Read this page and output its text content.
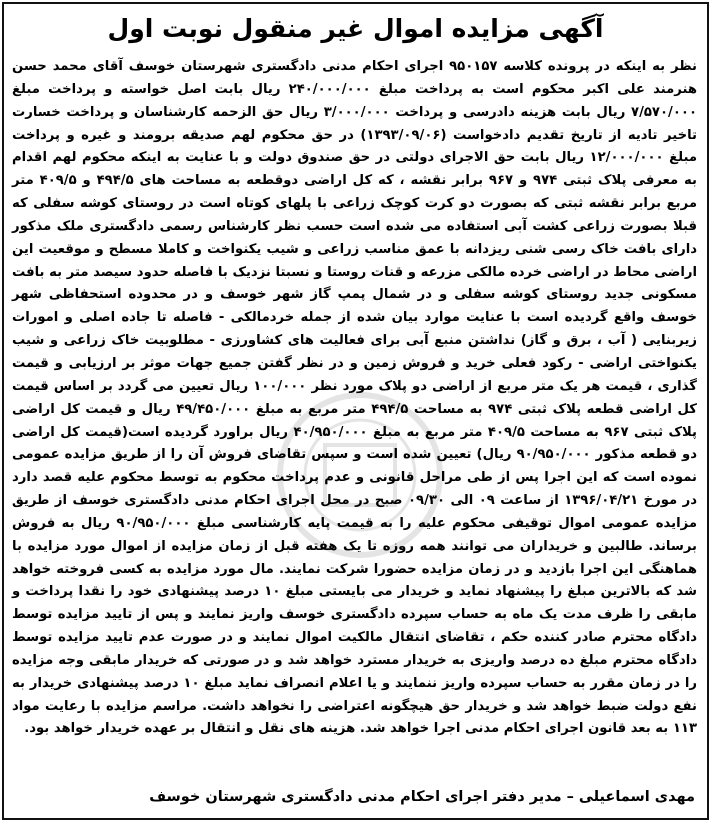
آگهی مزایده اموال غیر منقول نوبت اول
نظر به اینکه در پرونده کلاسه ۹۵۰۱۵۷ اجرای احکام مدنی دادگستری شهرستان خوسف آقای محمد حسن هنرمند علی اکبر محکوم است به پرداخت مبلغ ۲۴۰/۰۰۰/۰۰۰ ریال بابت اصل خواسته و پرداخت مبلغ ۷/۵۷۰/۰۰۰ ریال بابت هزینه دادرسی و پرداخت ۳/۰۰۰/۰۰۰ ریال حق الزحمه کارشناسان و پرداخت خسارت تاخیر تادیه از تاریخ تقدیم دادخواست (۱۳۹۳/۰۹/۰۶) در حق محکوم لهم صدیقه برومند و غیره و پرداخت مبلغ ۱۲/۰۰۰/۰۰۰ ریال بابت حق الاجرای دولتی در حق صندوق دولت و با عنایت به اینکه محکوم لهم اقدام به معرفی پلاک ثبتی ۹۷۴ و ۹۶۷ برابر نقشه ، که کل اراضی دوقطعه به مساحت های ۴۹۴/۵ و ۴۰۹/۵ متر مربع برابر نقشه ثبتی که بصورت دو کرت کوچک زراعی با پلهای کوتاه است در روستای کوشه سفلی که قبلا بصورت زراعی کشت آبی استفاده می شده است حسب نظر کارشناس رسمی دادگستری ملک مذکور دارای بافت خاک رسی شنی ریزدانه با عمق مناسب زراعی و شیب یکنواخت و کاملا مسطح و موقعیت این اراضی محاط در اراضی خرده مالکی مزرعه و قنات روستا و نسبتا نزدیک با فاصله حدود سیصد متر به بافت مسکونی جدید روستای کوشه سفلی و در شمال پمپ گاز شهر خوسف و در محدوده استحفاظی شهر خوسف واقع گردیده است با عنایت موارد بیان شده از جمله خردمالکی - فاصله تا جاده اصلی و امورات زیربنایی ( آب ، برق و گاز) نداشتن منبع آبی برای فعالیت های کشاورزی - مطلوبیت خاک زراعی و شیب یکنواختی اراضی - رکود فعلی خرید و فروش زمین و در نظر گفتن جمیع جهات موثر بر ارزیابی و قیمت گذاری ، قیمت هر یک متر مربع از اراضی دو پلاک مورد نظر ۱۰۰/۰۰۰ ریال تعیین می گردد بر اساس قیمت کل اراضی قطعه پلاک ثبتی ۹۷۴ به مساحت ۴۹۴/۵ متر مربع به مبلغ ۴۹/۴۵۰/۰۰۰ ریال و قیمت کل اراضی پلاک ثبتی ۹۶۷ به مساحت ۴۰۹/۵ متر مربع به مبلغ ۴۰/۹۵۰/۰۰۰ ریال براورد گردیده است(قیمت کل اراضی دو قطعه مذکور ۹۰/۹۵۰/۰۰۰ ریال) تعیین شده است و سپس تقاضای فروش آن را از طریق مزایده عمومی نموده است که این اجرا پس از طی مراحل قانونی و عدم پرداخت محکوم به توسط محکوم علیه قصد دارد در مورخ ۱۳۹۶/۰۴/۲۱ از ساعت ۰۹ الی ۰۹/۳۰ صبح در محل اجرای احکام مدنی دادگستری خوسف از طریق مزایده عمومی اموال توقیفی محکوم علیه را به قیمت پایه کارشناسی مبلغ ۹۰/۹۵۰/۰۰۰ ریال به فروش برساند. طالبین و خریداران می توانند همه روزه تا یک هفته قبل از زمان مزایده از اموال مورد مزایده با هماهنگی این اجرا بازدید و در زمان مزایده حضورا شرکت نمایند. مال مورد مزایده به کسی فروخته خواهد شد که بالاترین مبلغ را پیشنهاد نماید و خریدار می بایستی مبلغ ۱۰ درصد پیشنهادی خود را نقدا پرداخت و مابقی را ظرف مدت یک ماه به حساب سپرده دادگستری خوسف واریز نمایند و پس از تایید مزایده توسط دادگاه محترم صادر کننده حکم ، تقاضای انتقال مالکیت اموال نمایند و در صورت عدم تایید مزایده توسط دادگاه محترم مبلغ ده درصد واریزی به خریدار مسترد خواهد شد و در صورتی که خریدار مابقی وجه مزایده را در زمان مقرر به حساب سپرده واریز ننمایند و یا اعلام انصراف نماید مبلغ ۱۰ درصد پیشنهادی خریدار به نفع دولت ضبط خواهد شد و خریدار حق هیچگونه اعتراضی را نخواهد داشت. مراسم مزایده با رعایت مواد ۱۱۳ به بعد قانون اجرای احکام مدنی اجرا خواهد شد. هزینه های نقل و انتقال بر عهده خریدار خواهد بود.
مهدی اسماعیلی – مدیر دفتر اجرای احکام مدنی دادگستری شهرستان خوسف
